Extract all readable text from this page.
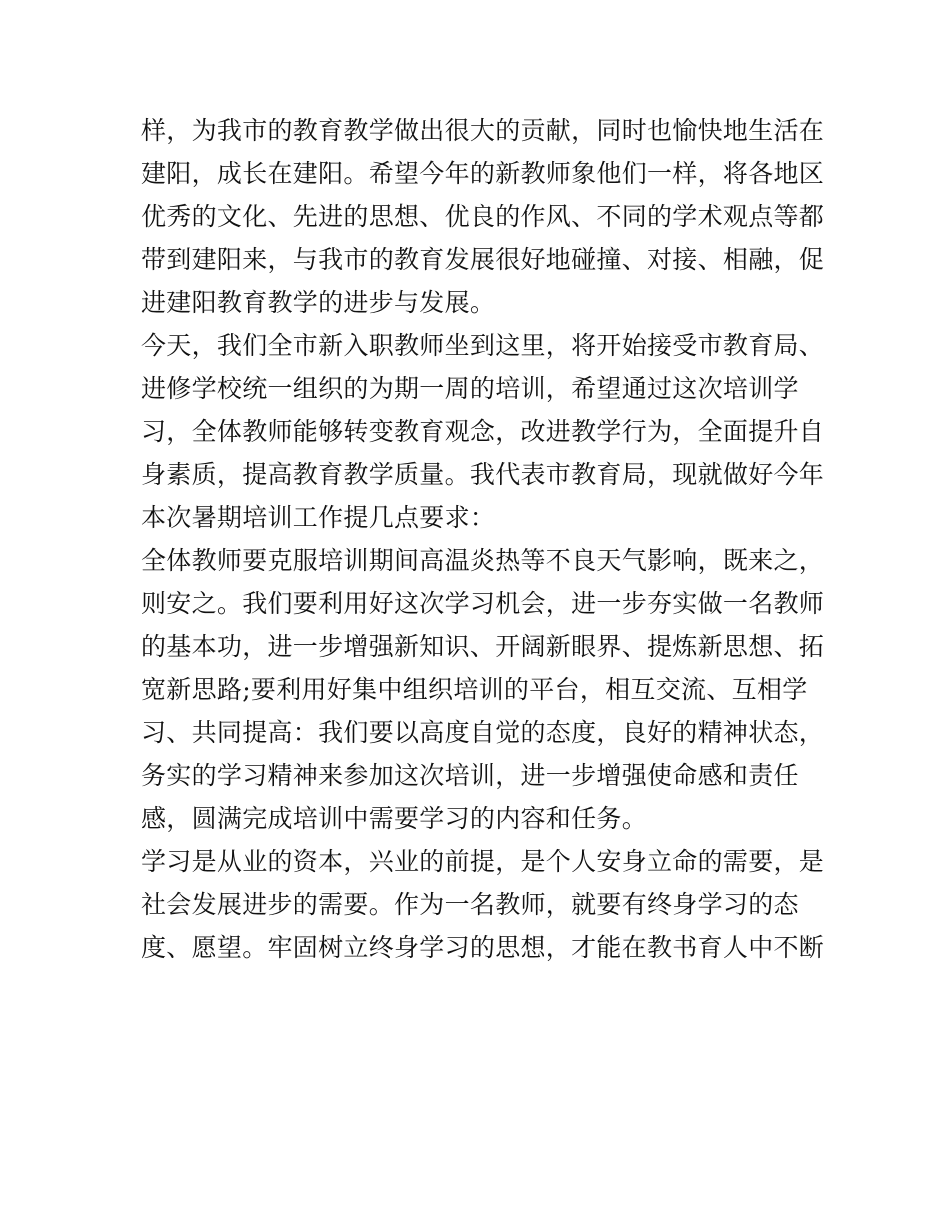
样，为我市的教育教学做出很大的贡献，同时也愉快地生活在
建阳，成长在建阳。希望今年的新教师象他们一样，将各地区
优秀的文化、先进的思想、优良的作风、不同的学术观点等都
带到建阳来，与我市的教育发展很好地碰撞、对接、相融，促
进建阳教育教学的进步与发展。
今天，我们全市新入职教师坐到这里，将开始接受市教育局、
进修学校统一组织的为期一周的培训，希望通过这次培训学
习，全体教师能够转变教育观念，改进教学行为，全面提升自
身素质，提高教育教学质量。我代表市教育局，现就做好今年
本次暑期培训工作提几点要求：
全体教师要克服培训期间高温炎热等不良天气影响，既来之，
则安之。我们要利用好这次学习机会，进一步夯实做一名教师
的基本功，进一步增强新知识、开阔新眼界、提炼新思想、拓
宽新思路;要利用好集中组织培训的平台，相互交流、互相学
习、共同提高：我们要以高度自觉的态度，良好的精神状态，
务实的学习精神来参加这次培训，进一步增强使命感和责任
感，圆满完成培训中需要学习的内容和任务。
学习是从业的资本，兴业的前提，是个人安身立命的需要，是
社会发展进步的需要。作为一名教师，就要有终身学习的态
度、愿望。牢固树立终身学习的思想，才能在教书育人中不断
